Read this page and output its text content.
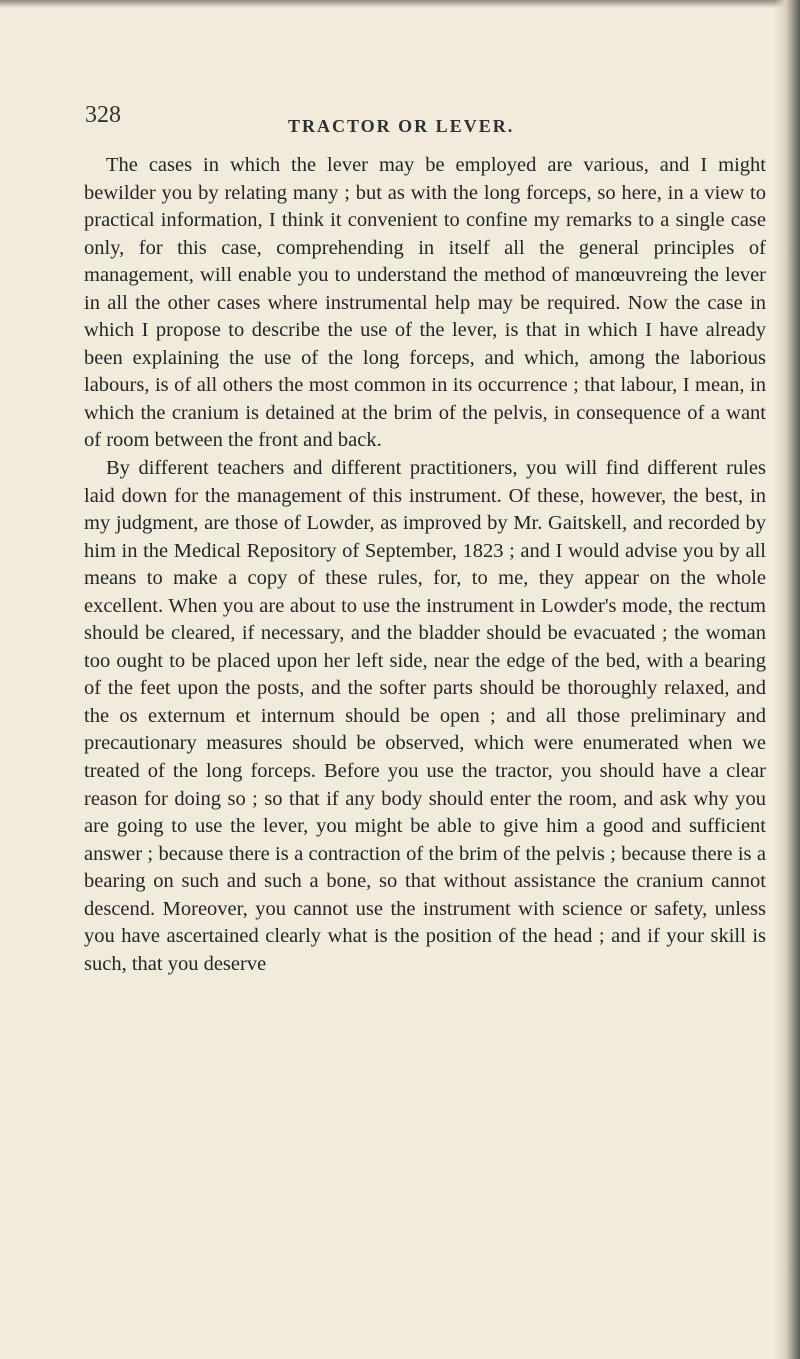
328	TRACTOR OR LEVER.

The cases in which the lever may be employed are various, and I might bewilder you by relating many ; but as with the long forceps, so here, in a view to practical information, I think it convenient to confine my remarks to a single case only, for this case, comprehending in itself all the general principles of management, will enable you to understand the method of manœuvreing the lever in all the other cases where instrumental help may be required. Now the case in which I propose to describe the use of the lever, is that in which I have already been explaining the use of the long forceps, and which, among the laborious labours, is of all others the most common in its occurrence ; that labour, I mean, in which the cranium is detained at the brim of the pelvis, in consequence of a want of room between the front and back.

By different teachers and different practitioners, you will find different rules laid down for the management of this instrument. Of these, however, the best, in my judgment, are those of Lowder, as improved by Mr. Gaitskell, and recorded by him in the Medical Repository of September, 1823 ; and I would advise you by all means to make a copy of these rules, for, to me, they appear on the whole excellent. When you are about to use the instrument in Lowder's mode, the rectum should be cleared, if necessary, and the bladder should be evacuated ; the woman too ought to be placed upon her left side, near the edge of the bed, with a bearing of the feet upon the posts, and the softer parts should be thoroughly relaxed, and the os externum et internum should be open ; and all those preliminary and precautionary measures should be observed, which were enumerated when we treated of the long forceps. Before you use the tractor, you should have a clear reason for doing so ; so that if any body should enter the room, and ask why you are going to use the lever, you might be able to give him a good and sufficient answer ; because there is a contraction of the brim of the pelvis ; because there is a bearing on such and such a bone, so that without assistance the cranium cannot descend. Moreover, you cannot use the instrument with science or safety, unless you have ascertained clearly what is the position of the head ; and if your skill is such, that you deserve
